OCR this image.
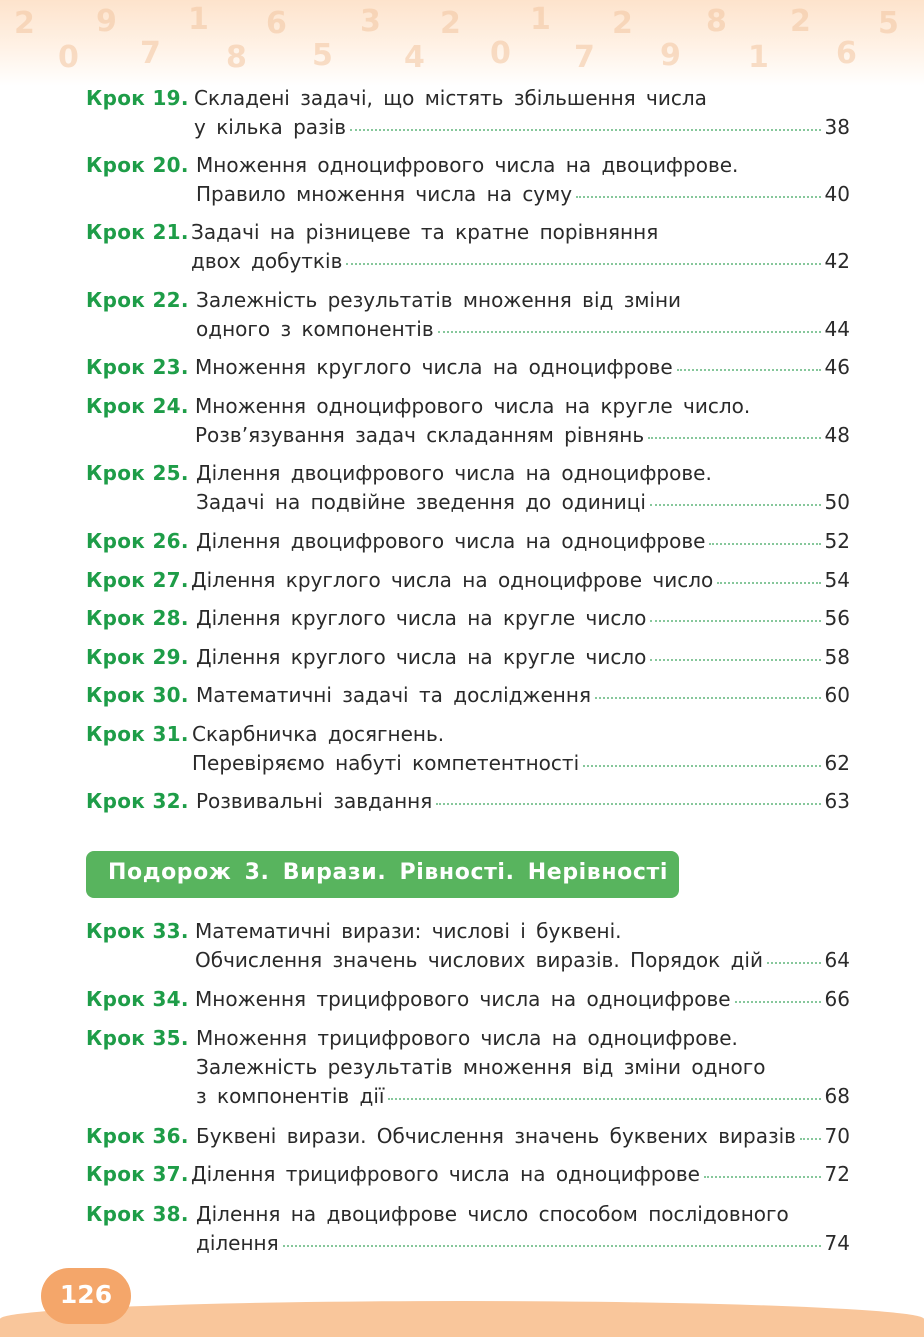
2
0
9
7
1
8
6
5
3
4
2
0
1
7
2
9
8
1
2
6
5
Крок 19. Складені задачі, що містять збільшення числа
у кілька разів	38
Крок 20. Множення одноцифрового числа на двоцифрове.
Правило множення числа на суму	40
Крок 21. Задачі на різницеве та кратне порівняння
двох добутків	42
Крок 22. Залежність результатів множення від зміни
одного з компонентів	44
Крок 23. Множення круглого числа на одноцифрове	46
Крок 24. Множення одноцифрового числа на кругле число.
Розв’язування задач складанням рівнянь	48
Крок 25. Ділення двоцифрового числа на одноцифрове.
Задачі на подвійне зведення до одиниці	50
Крок 26. Ділення двоцифрового числа на одноцифрове	52
Крок 27. Ділення круглого числа на одноцифрове число	54
Крок 28. Ділення круглого числа на кругле число	56
Крок 29. Ділення круглого числа на кругле число	58
Крок 30. Математичні задачі та дослідження	60
Крок 31. Скарбничка досягнень.
Перевіряємо набуті компетентності	62
Крок 32. Розвивальні завдання	63
Подорож 3. Вирази. Рівності. Нерівності
Крок 33. Математичні вирази: числові і буквені.
Обчислення значень числових виразів. Порядок дій	64
Крок 34. Множення трицифрового числа на одноцифрове	66
Крок 35. Множення трицифрового числа на одноцифрове.
Залежність результатів множення від зміни одного
з компонентів дії	68
Крок 36. Буквені вирази. Обчислення значень буквених виразів 70
Крок 37. Ділення трицифрового числа на одноцифрове	72
Крок 38. Ділення на двоцифрове число способом послідовного
ділення	74
126
